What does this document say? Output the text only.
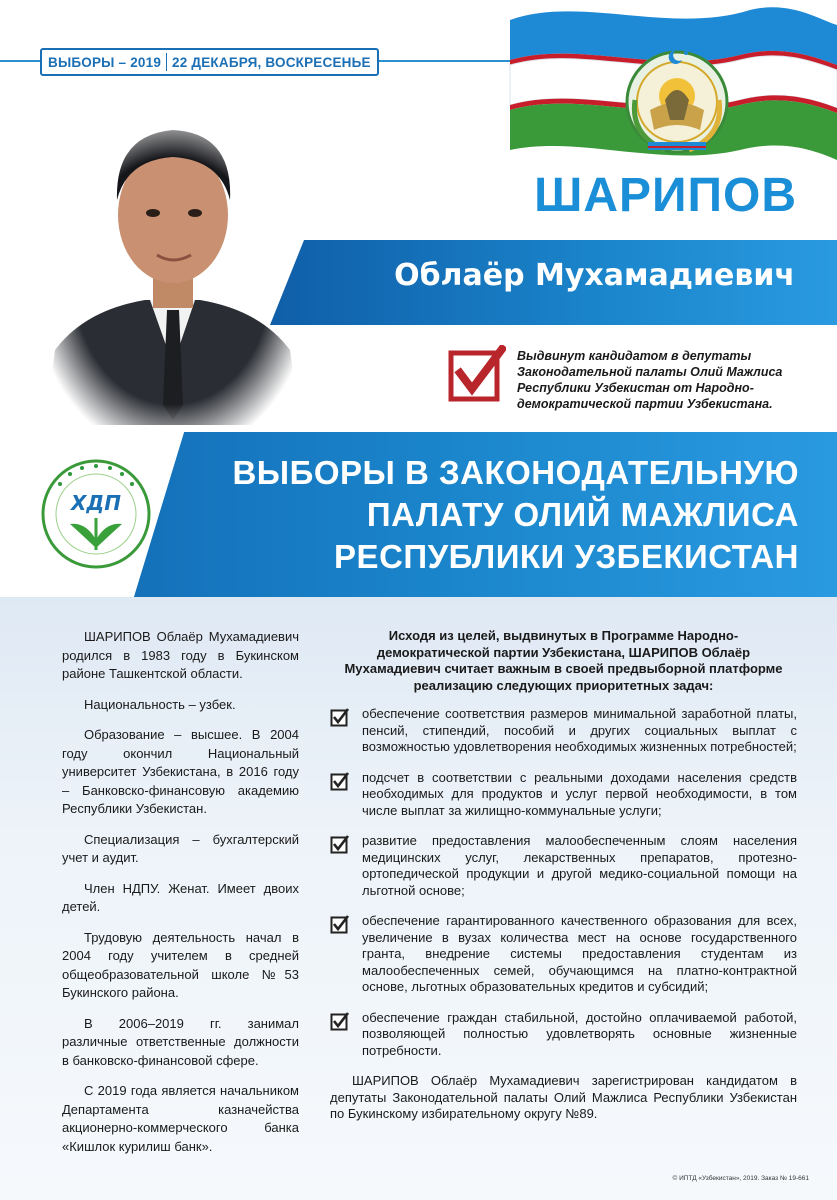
ВЫБОРЫ – 2019 22 ДЕКАБРЯ, ВОСКРЕСЕНЬЕ
ШАРИПОВ
Облаёр Мухамадиевич
Выдвинут кандидатом в депутаты Законодательной палаты Олий Мажлиса Республики Узбекистан от Народно-демократической партии Узбекистана.
ХДП
ВЫБОРЫ В ЗАКОНОДАТЕЛЬНУЮ
ПАЛАТУ ОЛИЙ МАЖЛИСА
РЕСПУБЛИКИ УЗБЕКИСТАН

ШАРИПОВ Облаёр Мухамадиевич родился в 1983 году в Букинском районе Ташкентской области.

Национальность – узбек.

Образование – высшее. В 2004 году окончил Национальный университет Узбекистана, в 2016 году – Банковско-финансовую академию Республики Узбекистан.

Специализация – бухгалтерский учет и аудит.

Член НДПУ. Женат. Имеет двоих детей.

Трудовую деятельность начал в 2004 году учителем в средней общеобразовательной школе №53 Букинского района.

В 2006–2019 гг. занимал различные ответственные должности в банковско-финансовой сфере.

С 2019 года является начальником Департамента казначейства акционерно-коммерческого банка «Кишлок курилиш банк».

Исходя из целей, выдвинутых в Программе Народно-демократической партии Узбекистана, ШАРИПОВ Облаёр Мухамадиевич считает важным в своей предвыборной платформе реализацию следующих приоритетных задач:
обеспечение соответствия размеров минимальной заработной платы, пенсий, стипендий, пособий и других социальных выплат с возможностью удовлетворения необходимых жизненных потребностей;
подсчет в соответствии с реальными доходами населения средств необходимых для продуктов и услуг первой необходимости, в том числе выплат за жилищно-коммунальные услуги;
развитие предоставления малообеспеченным слоям населения медицинских услуг, лекарственных препаратов, протезно-ортопедической продукции и другой медико-социальной помощи на льготной основе;
обеспечение гарантированного качественного образования для всех, увеличение в вузах количества мест на основе государственного гранта, внедрение системы предоставления студентам из малообеспеченных семей, обучающимся на платно-контрактной основе, льготных образовательных кредитов и субсидий;
обеспечение граждан стабильной, достойно оплачиваемой работой, позволяющей полностью удовлетворять основные жизненные потребности.
ШАРИПОВ Облаёр Мухамадиевич зарегистрирован кандидатом в депутаты Законодательной палаты Олий Мажлиса Республики Узбекистан по Букинскому избирательному округу №89.
© ИПТД «Узбекистан», 2019. Заказ № 19-661
